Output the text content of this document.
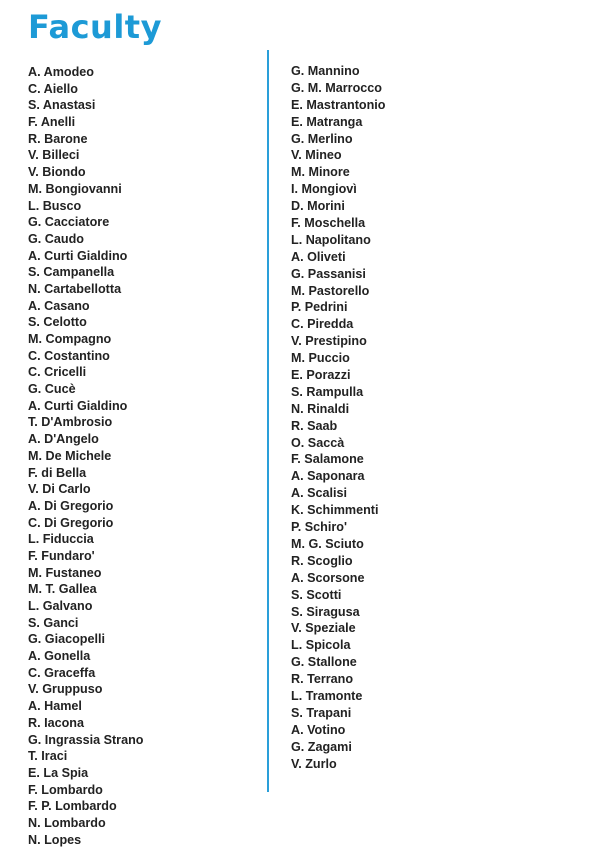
Faculty
A. Amodeo
C. Aiello
S. Anastasi
F. Anelli
R. Barone
V. Billeci
V. Biondo
M. Bongiovanni
L. Busco
G. Cacciatore
G. Caudo
A. Curti Gialdino
S. Campanella
N. Cartabellotta
A. Casano
S. Celotto
M. Compagno
C. Costantino
C. Cricelli
G. Cucè
A. Curti Gialdino
T. D'Ambrosio
A. D'Angelo
M. De Michele
F. di Bella
V. Di Carlo
A. Di Gregorio
C. Di Gregorio
L. Fiduccia
F. Fundaro'
M. Fustaneo
M. T. Gallea
L. Galvano
S. Ganci
G. Giacopelli
A. Gonella
C. Graceffa
V. Gruppuso
A. Hamel
R. Iacona
G. Ingrassia Strano
T. Iraci
E. La Spia
F. Lombardo
F. P. Lombardo
N. Lombardo
N. Lopes
G. Mannino
G. M. Marrocco
E. Mastrantonio
E. Matranga
G. Merlino
V. Mineo
M. Minore
I. Mongiovì
D. Morini
F. Moschella
L. Napolitano
A. Oliveti
G. Passanisi
M. Pastorello
P. Pedrini
C. Piredda
V. Prestipino
M. Puccio
E. Porazzi
S. Rampulla
N. Rinaldi
R. Saab
O. Saccà
F. Salamone
A. Saponara
A. Scalisi
K. Schimmenti
P. Schiro'
M. G. Sciuto
R. Scoglio
A. Scorsone
S. Scotti
S. Siragusa
V. Speziale
L. Spicola
G. Stallone
R. Terrano
L. Tramonte
S. Trapani
A. Votino
G. Zagami
V. Zurlo
